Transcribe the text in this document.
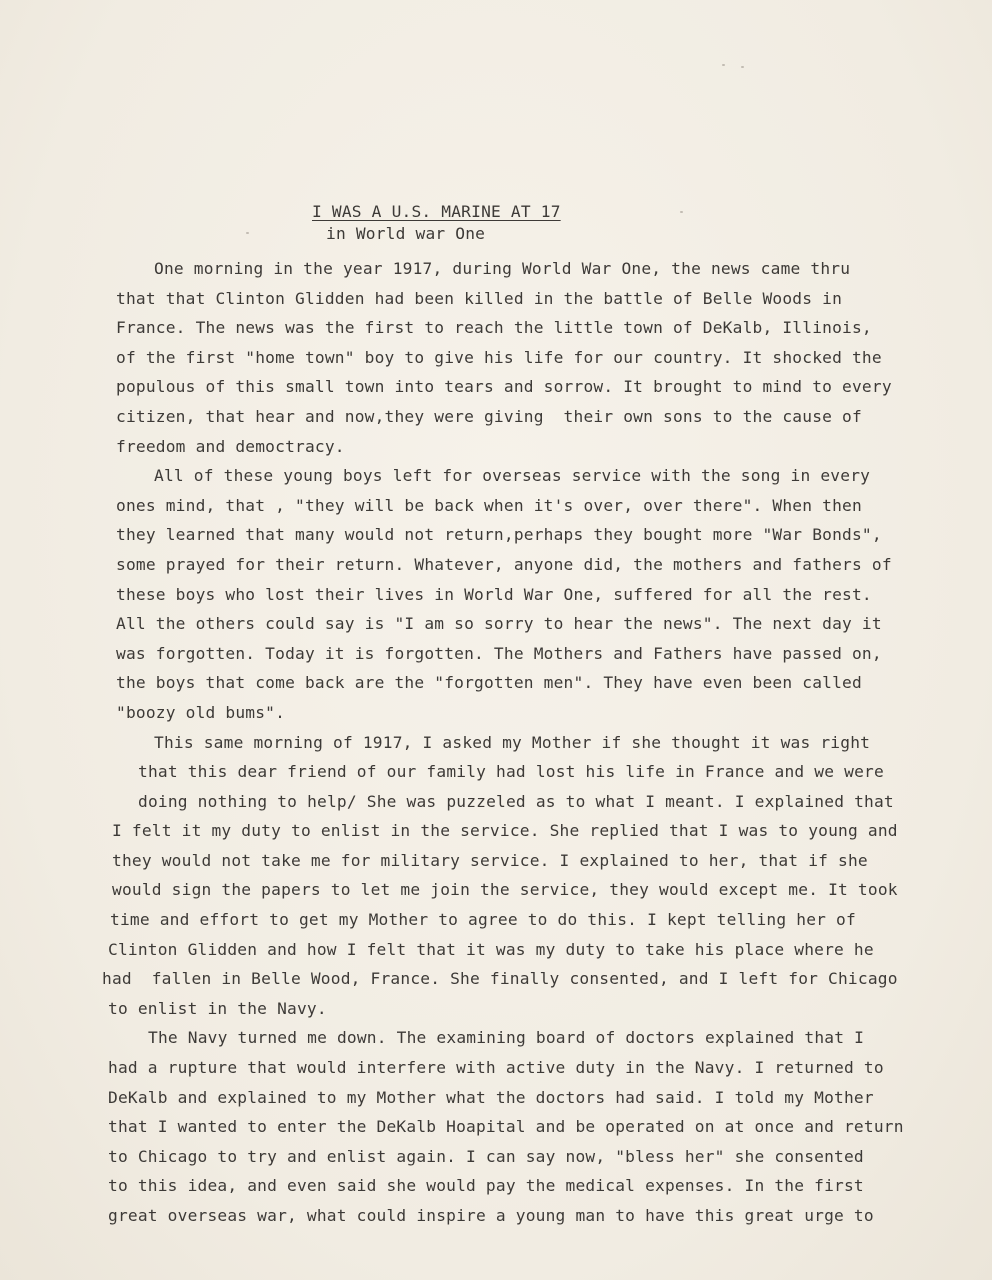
I WAS A U.S. MARINE AT 17
in World war One
One morning in the year 1917, during World War One, the news came thru
that that Clinton Glidden had been killed in the battle of Belle Woods in
France. The news was the first to reach the little town of DeKalb, Illinois,
of the first "home town" boy to give his life for our country. It shocked the
populous of this small town into tears and sorrow. It brought to mind to every
citizen, that hear and now,they were giving  their own sons to the cause of
freedom and democtracy.
All of these young boys left for overseas service with the song in every
ones mind, that , "they will be back when it's over, over there". When then
they learned that many would not return,perhaps they bought more "War Bonds",
some prayed for their return. Whatever, anyone did, the mothers and fathers of
these boys who lost their lives in World War One, suffered for all the rest.
All the others could say is "I am so sorry to hear the news". The next day it
was forgotten. Today it is forgotten. The Mothers and Fathers have passed on,
the boys that come back are the "forgotten men". They have even been called
"boozy old bums".
This same morning of 1917, I asked my Mother if she thought it was right
that this dear friend of our family had lost his life in France and we were
doing nothing to help/ She was puzzeled as to what I meant. I explained that
I felt it my duty to enlist in the service. She replied that I was to young and
they would not take me for military service. I explained to her, that if she
would sign the papers to let me join the service, they would except me. It took
time and effort to get my Mother to agree to do this. I kept telling her of
Clinton Glidden and how I felt that it was my duty to take his place where he
had  fallen in Belle Wood, France. She finally consented, and I left for Chicago
to enlist in the Navy.
The Navy turned me down. The examining board of doctors explained that I
had a rupture that would interfere with active duty in the Navy. I returned to
DeKalb and explained to my Mother what the doctors had said. I told my Mother
that I wanted to enter the DeKalb Hoapital and be operated on at once and return
to Chicago to try and enlist again. I can say now, "bless her" she consented
to this idea, and even said she would pay the medical expenses. In the first
great overseas war, what could inspire a young man to have this great urge to
